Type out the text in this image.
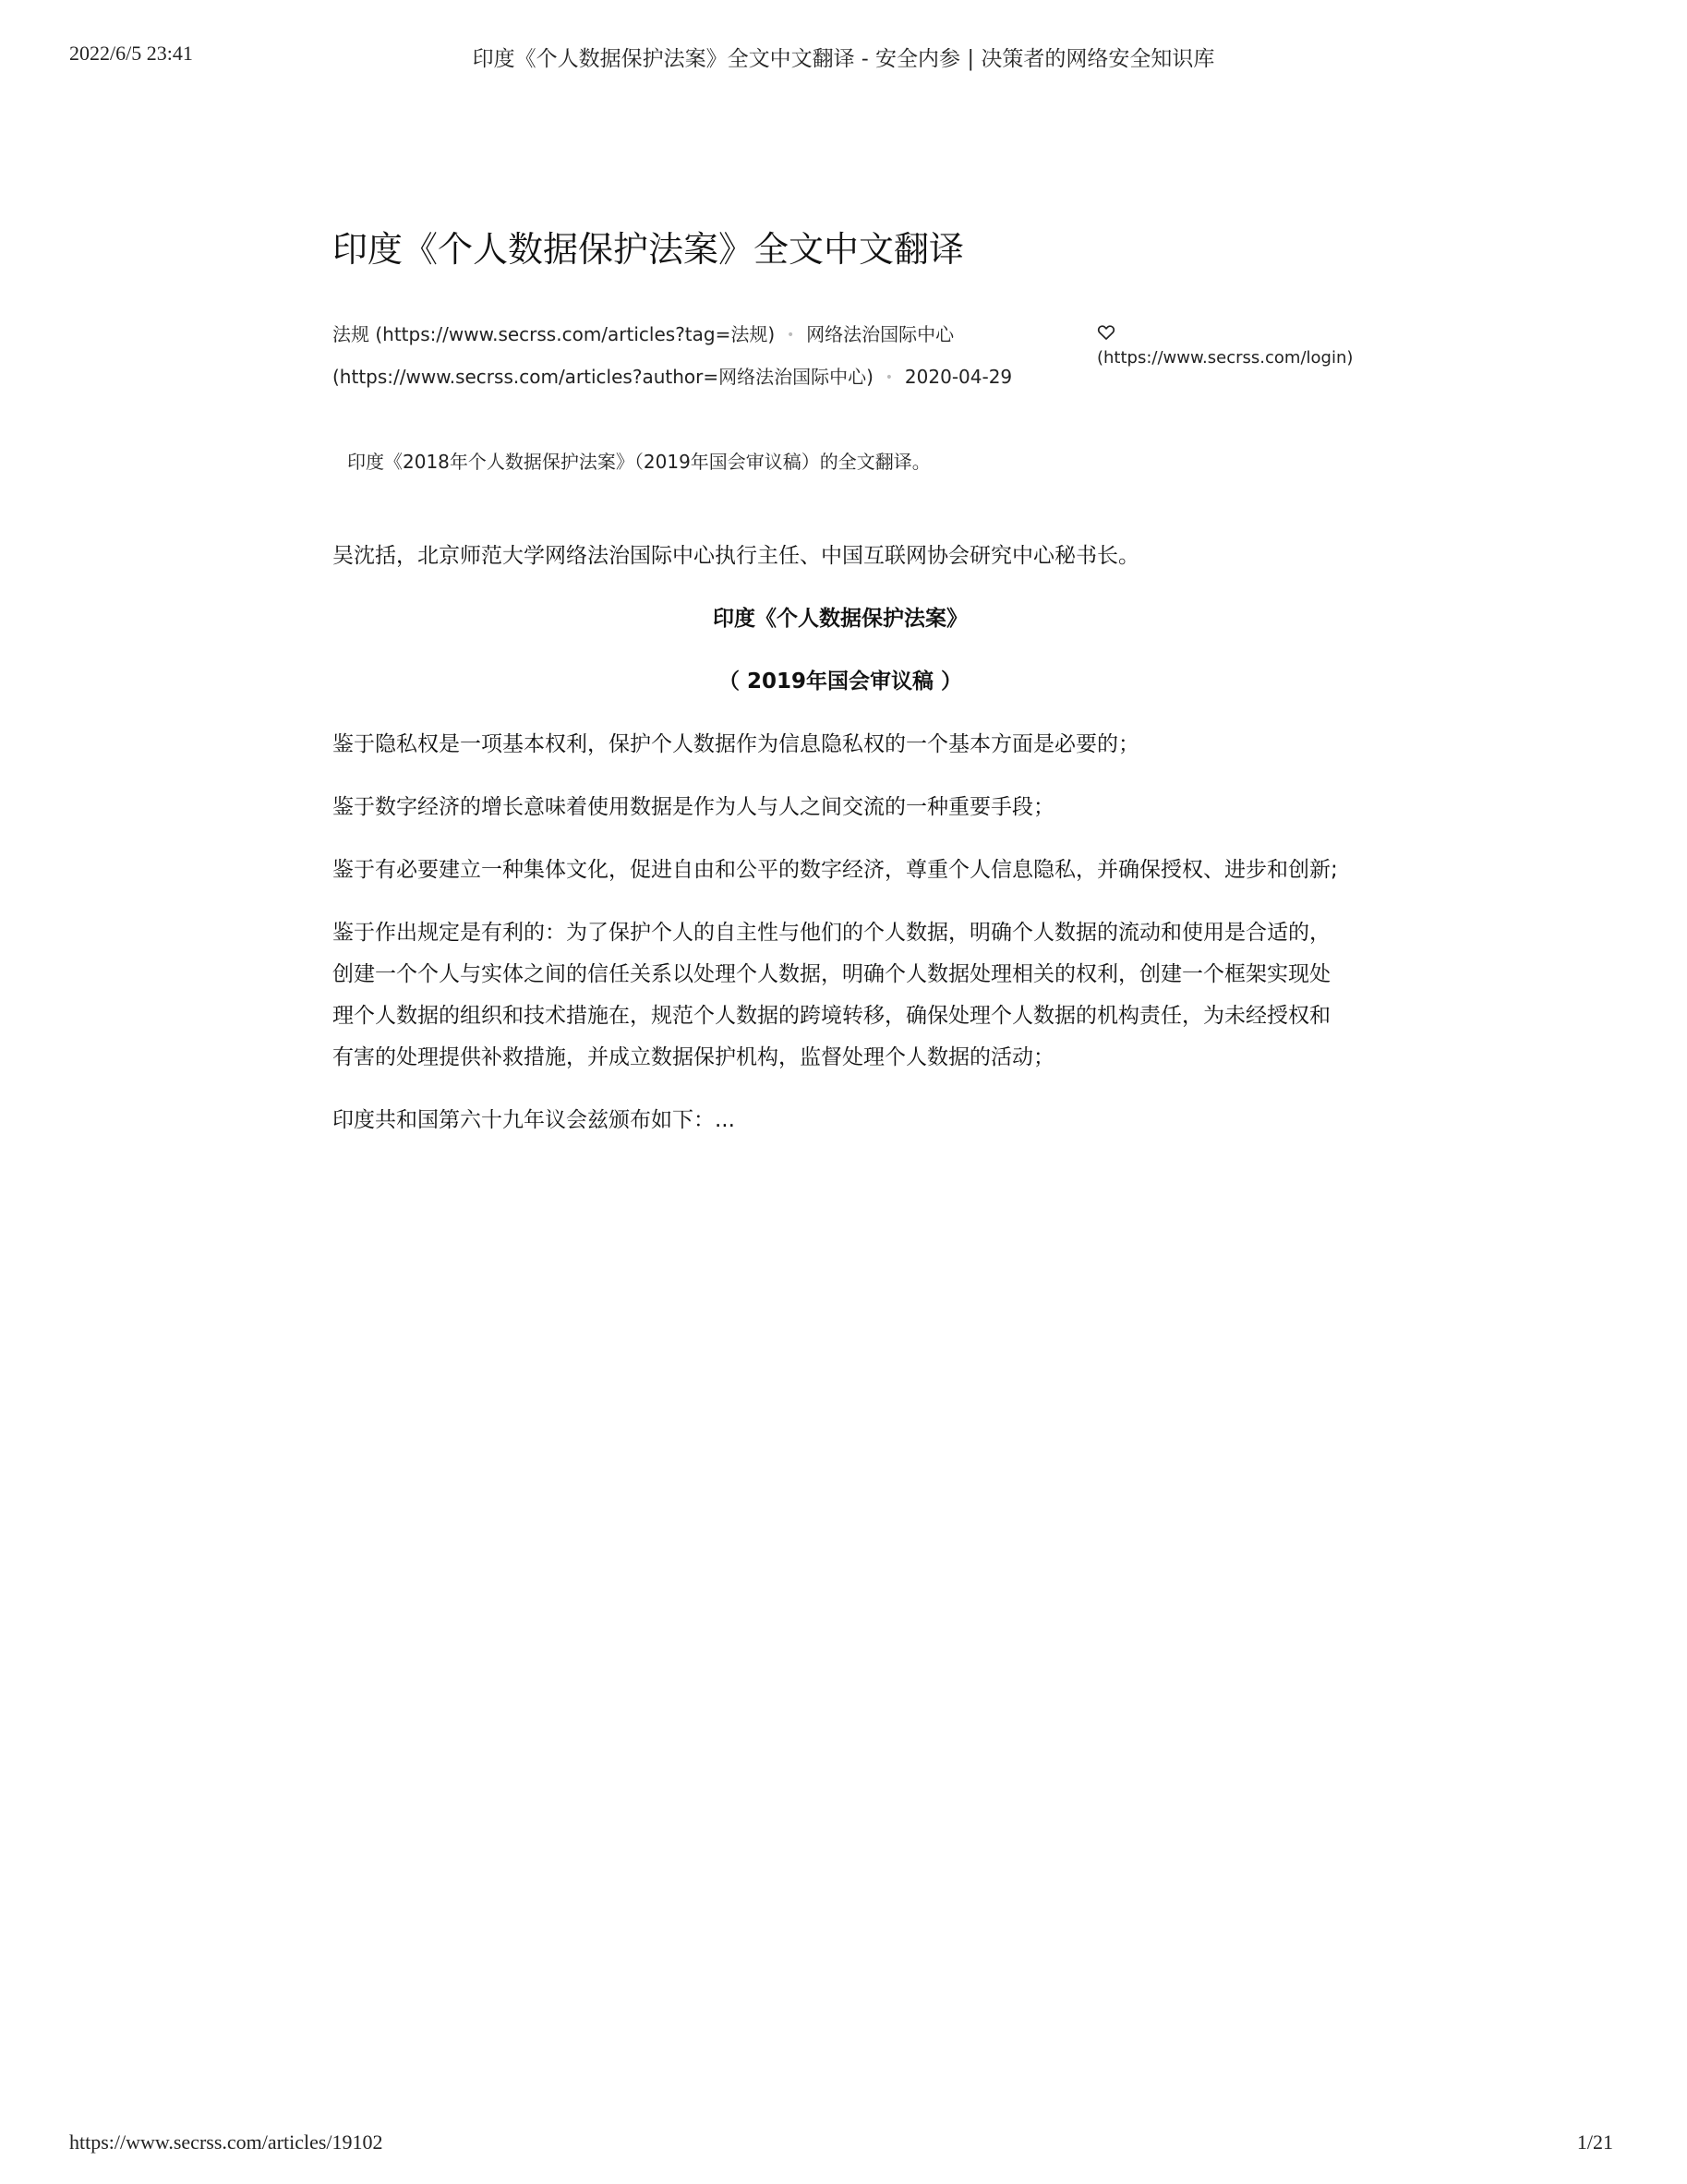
2022/6/5 23:41	印度《个人数据保护法案》全文中文翻译 - 安全内参 | 决策者的网络安全知识库
印度《个人数据保护法案》全文中文翻译
法规 (https://www.secrss.com/articles?tag=法规) • 网络法治国际中心
(https://www.secrss.com/articles?author=网络法治国际中心) • 2020-04-29
(https://www.secrss.com/login)
印度《2018年个人数据保护法案》（2019年国会审议稿）的全文翻译。

吴沈括，北京师范大学网络法治国际中心执行主任、中国互联网协会研究中心秘书长。

印度《个人数据保护法案》

（ 2019年国会审议稿 ）

鉴于隐私权是一项基本权利，保护个人数据作为信息隐私权的一个基本方面是必要的；

鉴于数字经济的增长意味着使用数据是作为人与人之间交流的一种重要手段；

鉴于有必要建立一种集体文化，促进自由和公平的数字经济，尊重个人信息隐私，并确保授权、进步和创新;

鉴于作出规定是有利的：为了保护个人的自主性与他们的个人数据，明确个人数据的流动和使用是合适的，创建一个个人与实体之间的信任关系以处理个人数据，明确个人数据处理相关的权利，创建一个框架实现处理个人数据的组织和技术措施在，规范个人数据的跨境转移，确保处理个人数据的机构责任，为未经授权和有害的处理提供补救措施，并成立数据保护机构，监督处理个人数据的活动；

印度共和国第六十九年议会兹颁布如下：...

https://www.secrss.com/articles/19102	1/21
